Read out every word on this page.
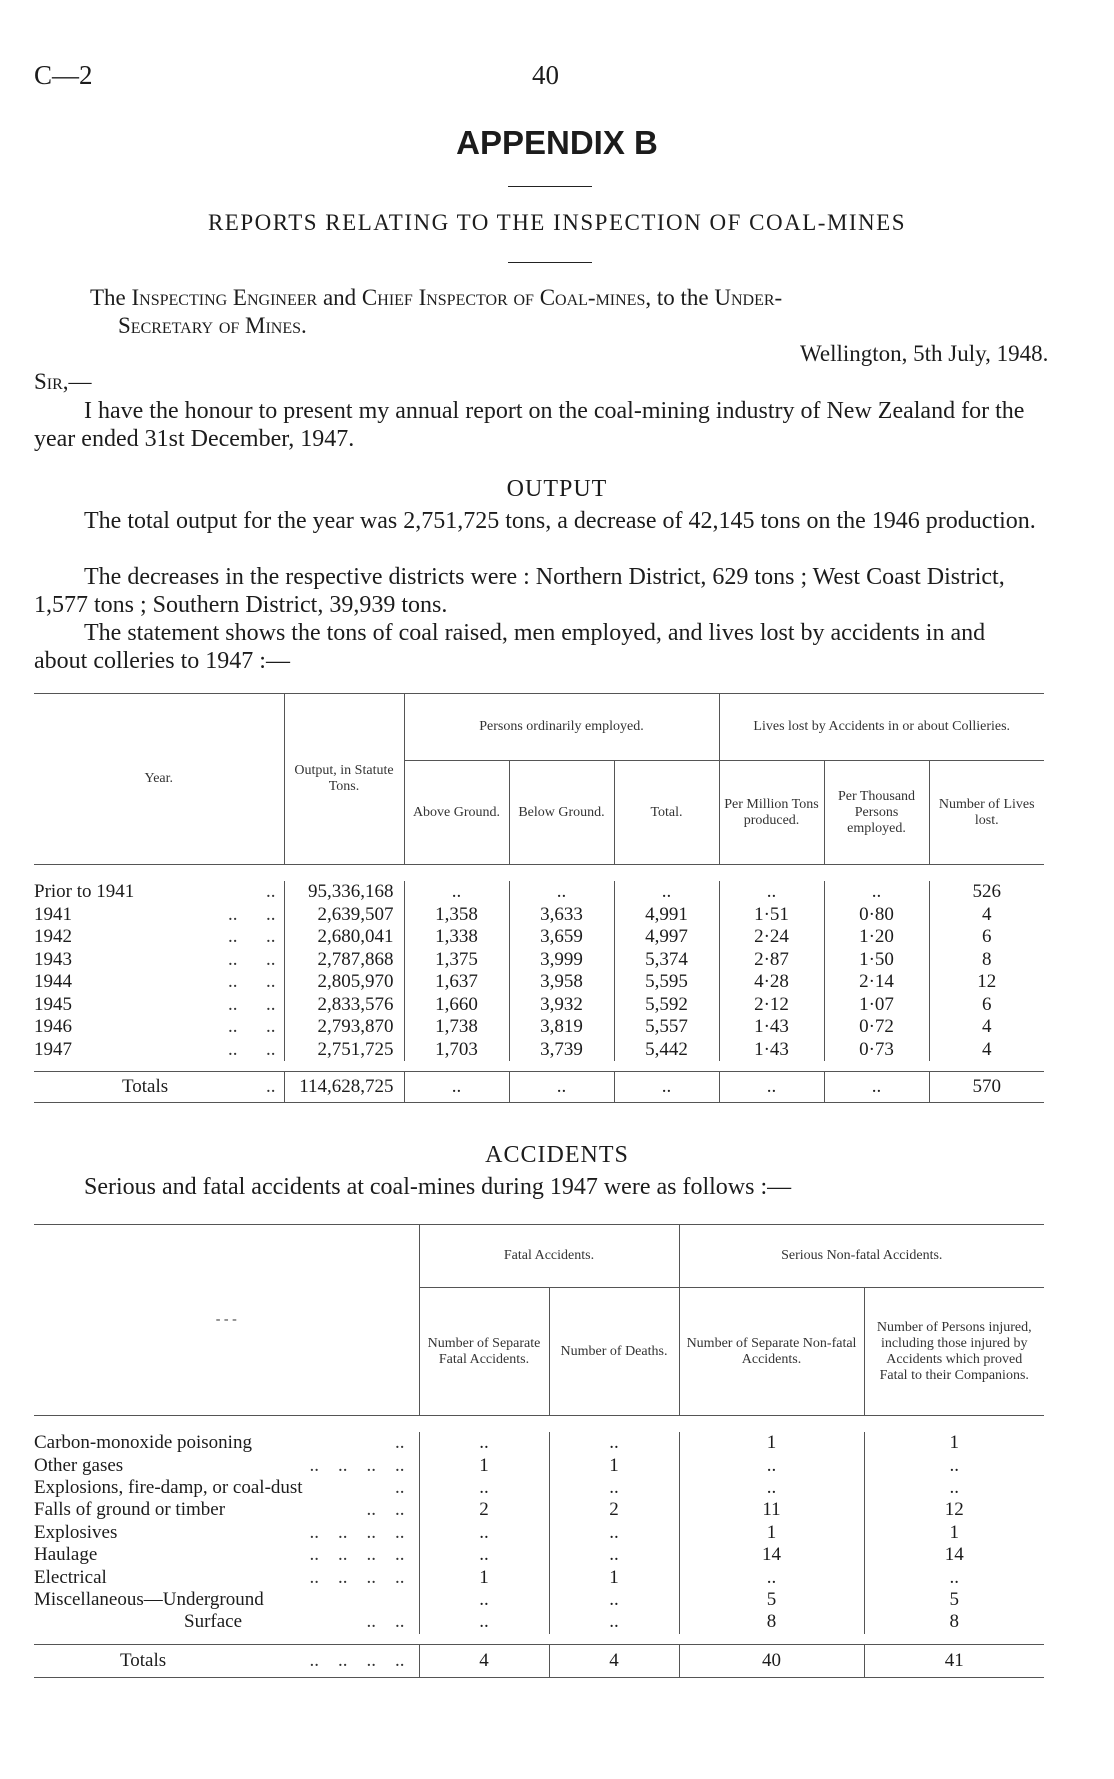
C—2	40
APPENDIX B
REPORTS RELATING TO THE INSPECTION OF COAL-MINES
The Inspecting Engineer and Chief Inspector of Coal-mines, to the Under-
Secretary of Mines.
Wellington, 5th July, 1948.
Sir,—
I have the honour to present my annual report on the coal-mining industry of New Zealand for the year ended 31st December, 1947.
OUTPUT
The total output for the year was 2,751,725 tons, a decrease of 42,145 tons on the 1946 production.
The decreases in the respective districts were : Northern District, 629 tons ; West Coast District, 1,577 tons ; Southern District, 39,939 tons.
The statement shows the tons of coal raised, men employed, and lives lost by accidents in and about colleries to 1947 :—
Year.	Output, in Statute Tons.	Persons ordinarily employed.			Lives lost by Accidents in or about Collieries.		
		Above Ground.	Below Ground.	Total.	Per Million Tons produced.	Per Thousand Persons employed.	Number of Lives lost.

Prior to 1941 ..	95,336,168	..	..	..	..	..	526
1941 ..      ..	2,639,507	1,358	3,633	4,991	1·51	0·80	4
1942 ..      ..	2,680,041	1,338	3,659	4,997	2·24	1·20	6
1943 ..      ..	2,787,868	1,375	3,999	5,374	2·87	1·50	8
1944 ..      ..	2,805,970	1,637	3,958	5,595	4·28	2·14	12
1945 ..      ..	2,833,576	1,660	3,932	5,592	2·12	1·07	6
1946 ..      ..	2,793,870	1,738	3,819	5,557	1·43	0·72	4
1947 ..      ..	2,751,725	1,703	3,739	5,442	1·43	0·73	4

Totals ..	114,628,725	..	..	..	..	..	570
ACCIDENTS
Serious and fatal accidents at coal-mines during 1947 were as follows :—
- - -	Fatal Accidents.		Serious Non-fatal Accidents.	
	Number of Separate Fatal Accidents.	Number of Deaths.	Number of Separate Non-fatal Accidents.	Number of Persons injured, including those injured by Accidents which proved Fatal to their Companions.

Carbon-monoxide poisoning ..	..	..	1	1
Other gases ..    ..    ..    ..	1	1	..	..
Explosions, fire-damp, or coal-dust ..	..	..	..	..
Falls of ground or timber ..    ..	2	2	11	12
Explosives ..    ..    ..    ..	..	..	1	1
Haulage ..    ..    ..    ..	..	..	14	14
Electrical ..    ..    ..    ..	1	1	..	..
Miscellaneous—Underground	..	..	5	5
Surface ..    ..	..	..	8	8

Totals ..    ..    ..    ..	4	4	40	41
